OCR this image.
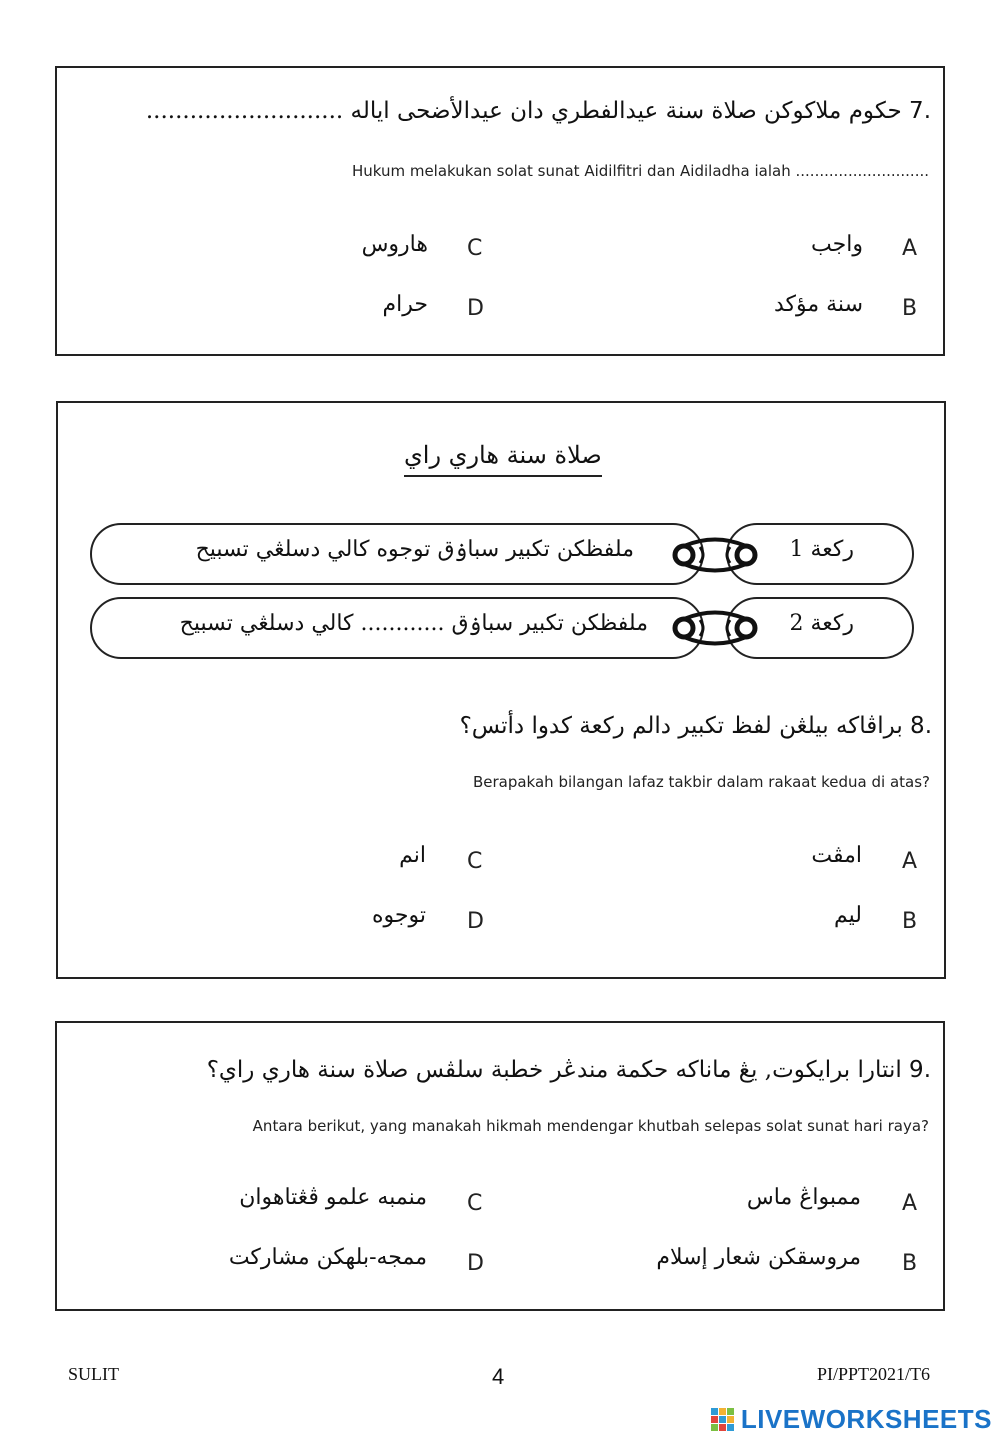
.7 حكوم ملاكوكن صلاة سنة عيدالفطري دان عيدالأضحى اياله ...........................
Hukum melakukan solat sunat Aidilfitri dan Aidiladha ialah ............................
A
واجب
C
هاروس
B
سنة مؤكد
D
حرام
صلاة سنة هاري راي
ملفظكن تكبير سباۏق توجوه كالي دسلڠي تسبيح	ركعة 1
ملفظكن تكبير سباۏق ............ كالي دسلڠي تسبيح	ركعة 2
.8 براڤاكه بيلڠن لفظ تكبير دالم ركعة كدوا دأتس؟
Berapakah bilangan lafaz takbir dalam rakaat kedua di atas?
A
امڤت
C
انم
B
ليم
D
توجوه
.9 انتارا برايكوت, يڠ ماناكه حكمة مندڠر خطبة سلڤس صلاة سنة هاري راي؟
Antara berikut, yang manakah hikmah mendengar khutbah selepas solat sunat hari raya?
A
ممبواڠ ماس
C
منمبه علمو ڤڠتاهوان
B
مروسقكن شعار إسلام
D
ممجه-بلهكن مشاركت
SULIT	4	PI/PPT2021/T6
LIVEWORKSHEETS
